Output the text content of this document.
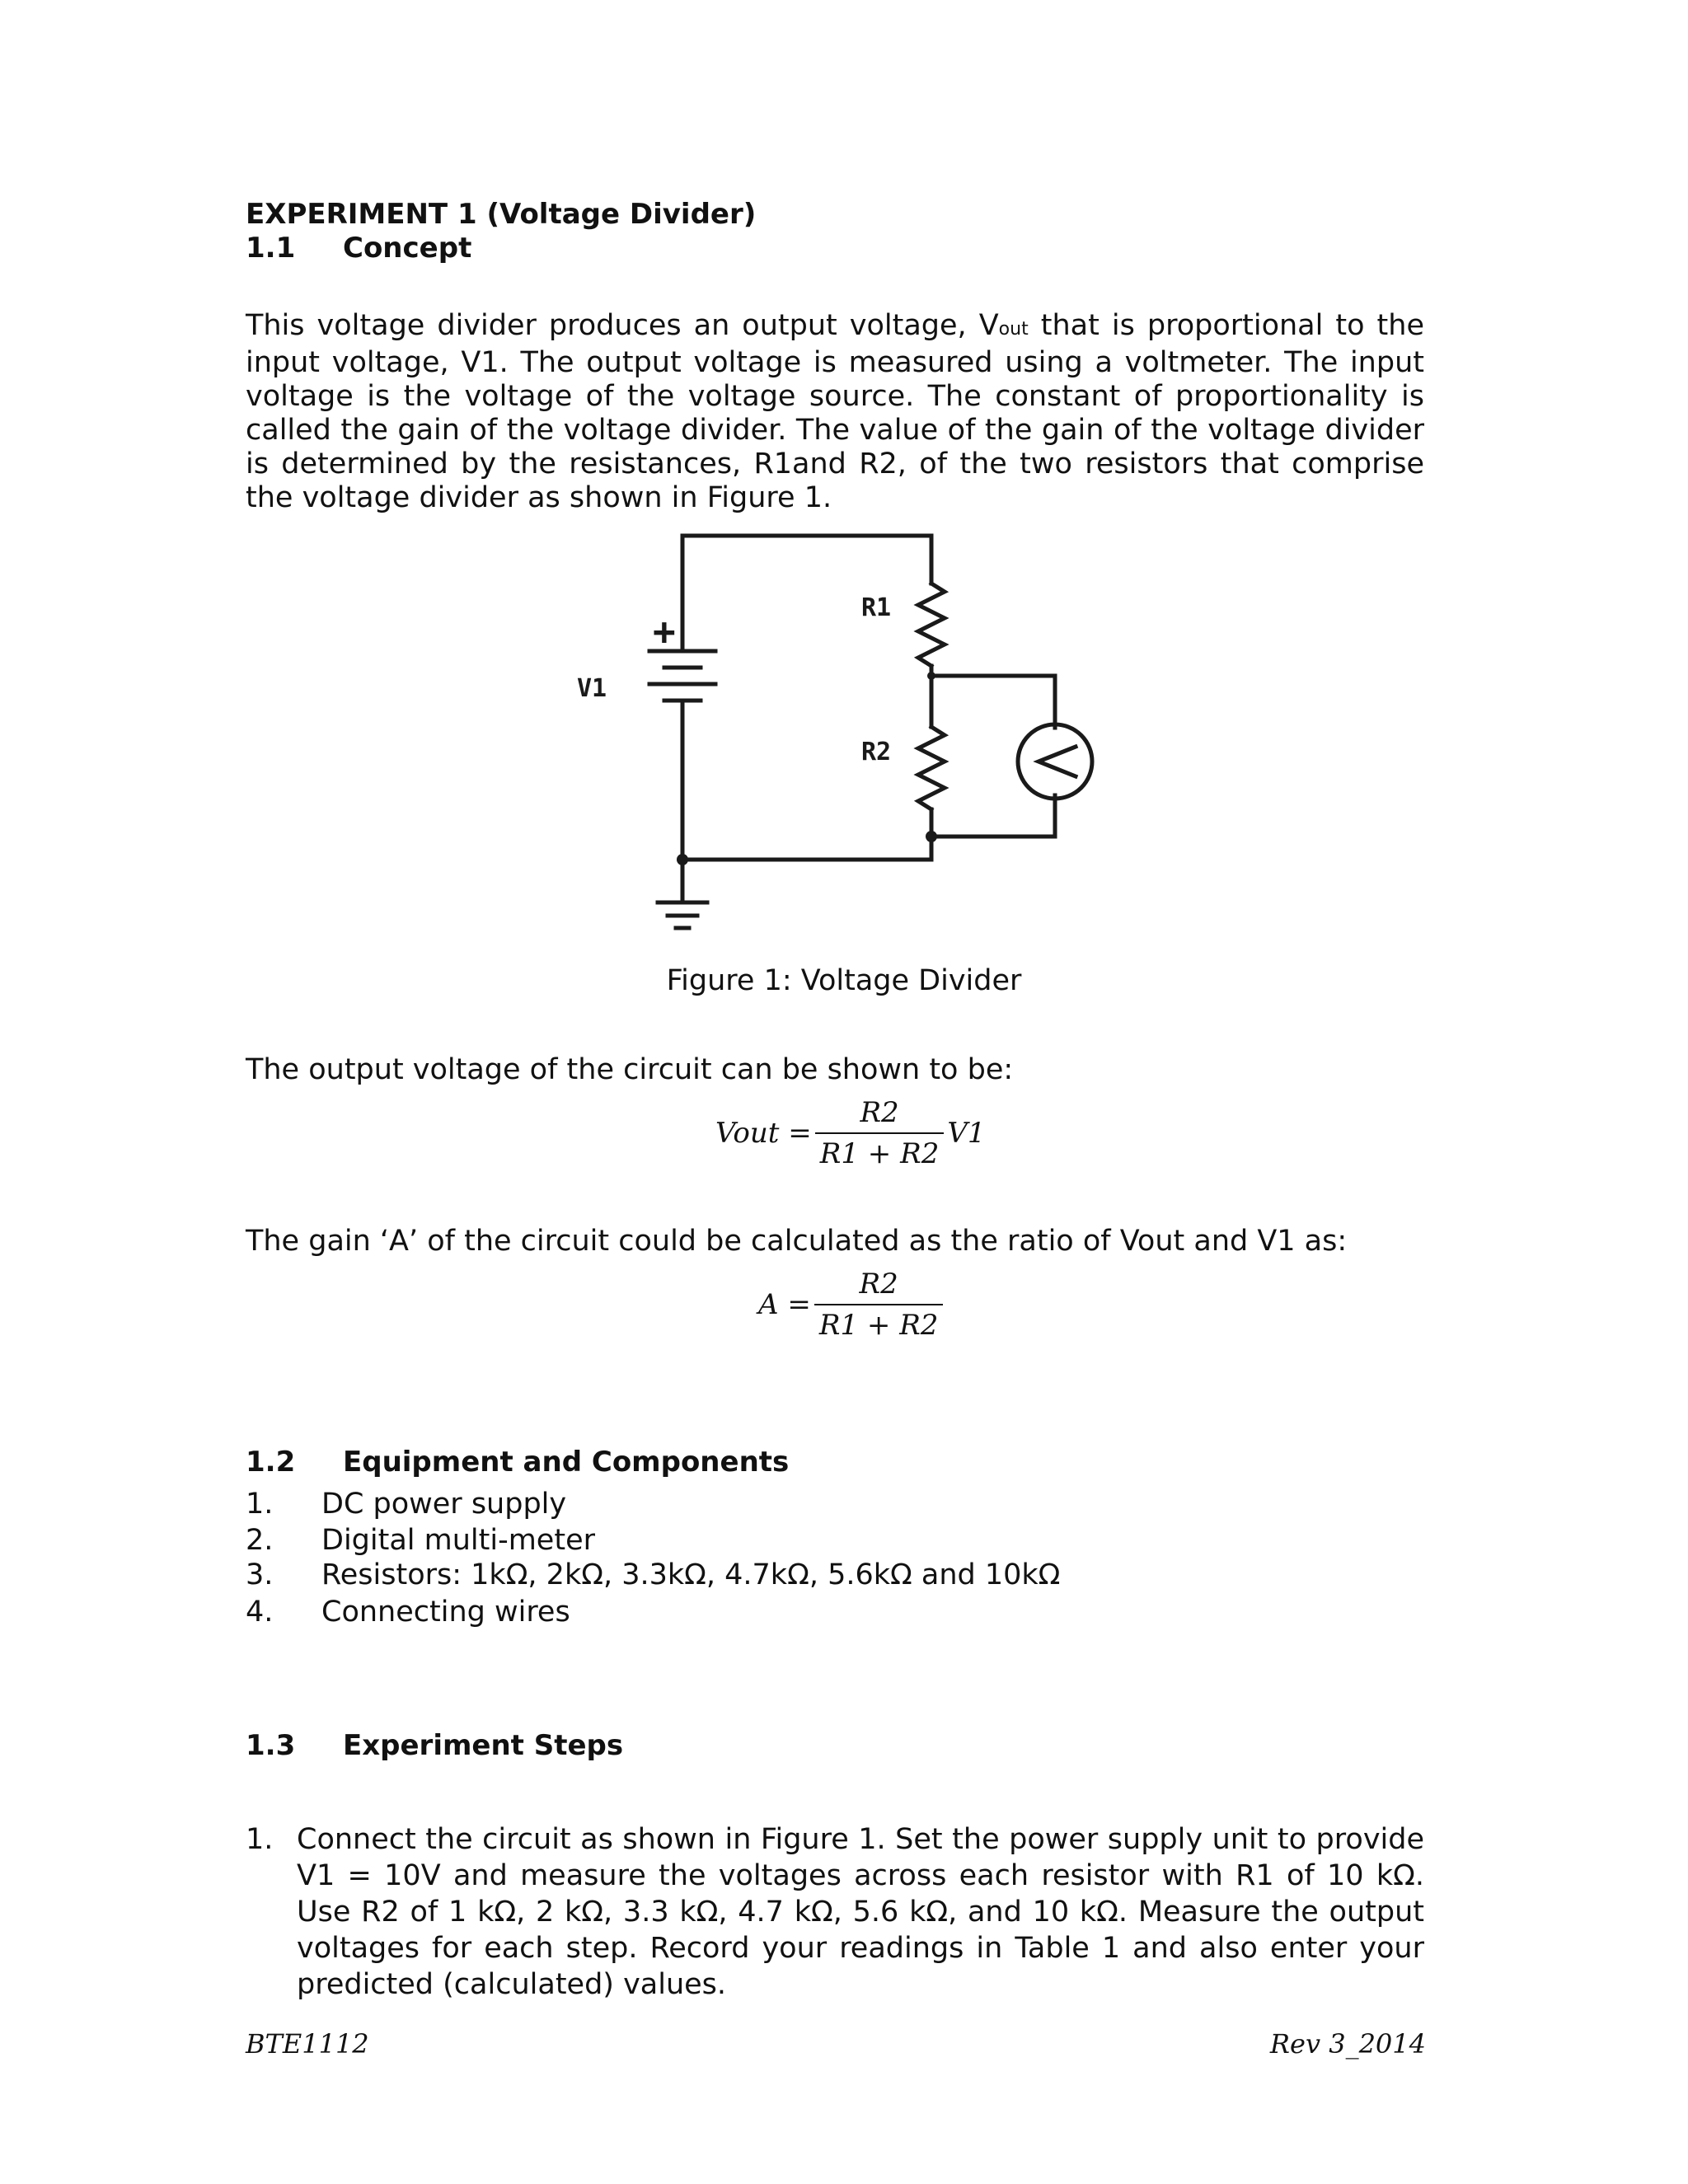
EXPERIMENT 1 (Voltage Divider)
1.1 Concept

This voltage divider produces an output voltage, Vout that is proportional to the input voltage, V1. The output voltage is measured using a voltmeter. The input voltage is the voltage of the voltage source. The constant of proportionality is called the gain of the voltage divider. The value of the gain of the voltage divider is determined by the resistances, R1and R2, of the two resistors that comprise the voltage divider as shown in Figure 1.

R1
R2
V1
+
Figure 1: Voltage Divider
The output voltage of the circuit can be shown to be:
Vout = $\frac{R2}{R1 + R2} V1$
The gain ‘A’ of the circuit could be calculated as the ratio of Vout and V1 as:
$A = \frac{R2}{R1 + R2}$
1.2 Equipment and Components
1. DC power supply
2. Digital multi-meter
3. Resistors: 1kΩ, 2kΩ, 3.3kΩ, 4.7kΩ, 5.6kΩ and 10kΩ
4. Connecting wires
1.3 Experiment Steps
1. Connect the circuit as shown in Figure 1. Set the power supply unit to provide V1 = 10V and measure the voltages across each resistor with R1 of 10 kΩ. Use R2 of 1 kΩ, 2 kΩ, 3.3 kΩ, 4.7 kΩ, 5.6 kΩ, and 10 kΩ. Measure the output voltages for each step. Record your readings in Table 1 and also enter your predicted (calculated) values.
BTE1112	Rev 3_2014
